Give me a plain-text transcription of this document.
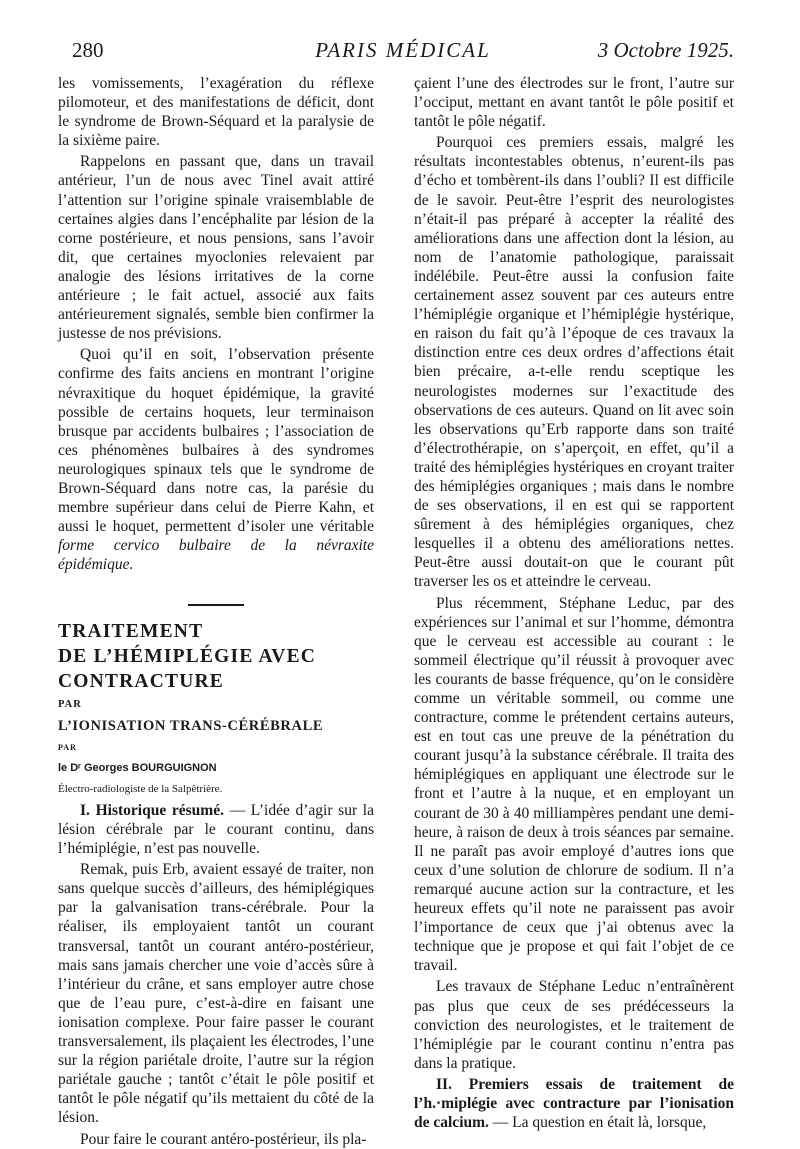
280	PARIS MÉDICAL	3 Octobre 1925.

les vomissements, l’exagération du réflexe pilomoteur, et des manifestations de déficit, dont le syndrome de Brown-Séquard et la paralysie de la sixième paire.

Rappelons en passant que, dans un travail antérieur, l’un de nous avec Tinel avait attiré l’attention sur l’origine spinale vraisemblable de certaines algies dans l’encéphalite par lésion de la corne postérieure, et nous pensions, sans l’avoir dit, que certaines myoclonies relevaient par analogie des lésions irritatives de la corne antérieure ; le fait actuel, associé aux faits antérieurement signalés, semble bien confirmer la justesse de nos prévisions.

Quoi qu’il en soit, l’observation présente confirme des faits anciens en montrant l’origine névraxitique du hoquet épidémique, la gravité possible de certains hoquets, leur terminaison brusque par accidents bulbaires ; l’association de ces phénomènes bulbaires à des syndromes neurologiques spinaux tels que le syndrome de Brown-Séquard dans notre cas, la parésie du membre supérieur dans celui de Pierre Kahn, et aussi le hoquet, permettent d’isoler une véritable forme cervico bulbaire de la névraxite épidémique.

TRAITEMENT

DE L’HÉMIPLÉGIE AVEC

CONTRACTURE

PAR

L’IONISATION TRANS-CÉRÉBRALE

PAR

le Dʳ Georges BOURGUIGNON

Électro-radiologiste de la Salpêtrière.

I. Historique résumé. — L’idée d’agir sur la lésion cérébrale par le courant continu, dans l’hémiplégie, n’est pas nouvelle.

Remak, puis Erb, avaient essayé de traiter, non sans quelque succès d’ailleurs, des hémiplégiques par la galvanisation trans-cérébrale. Pour la réaliser, ils employaient tantôt un courant transversal, tantôt un courant antéro-postérieur, mais sans jamais chercher une voie d’accès sûre à l’intérieur du crâne, et sans employer autre chose que de l’eau pure, c’est-à-dire en faisant une ionisation complexe. Pour faire passer le courant transversalement, ils plaçaient les électrodes, l’une sur la région pariétale droite, l’autre sur la région pariétale gauche ; tantôt c’était le pôle positif et tantôt le pôle négatif qu’ils mettaient du côté de la lésion.

Pour faire le courant antéro-postérieur, ils pla-

çaient l’une des électrodes sur le front, l’autre sur l’occiput, mettant en avant tantôt le pôle positif et tantôt le pôle négatif.

Pourquoi ces premiers essais, malgré les résultats incontestables obtenus, n’eurent-ils pas d’écho et tombèrent-ils dans l’oubli? Il est difficile de le savoir. Peut-être l’esprit des neurologistes n’était-il pas préparé à accepter la réalité des améliorations dans une affection dont la lésion, au nom de l’anatomie pathologique, paraissait indélébile. Peut-être aussi la confusion faite certainement assez souvent par ces auteurs entre l’hémiplégie organique et l’hémiplégie hystérique, en raison du fait qu’à l’époque de ces travaux la distinction entre ces deux ordres d’affections était bien précaire, a-t-elle rendu sceptique les neurologistes modernes sur l’exactitude des observations de ces auteurs. Quand on lit avec soin les observations qu’Erb rapporte dans son traité d’électrothérapie, on s’aperçoit, en effet, qu’il a traité des hémiplégies hystériques en croyant traiter des hémiplégies organiques ; mais dans le nombre de ses observations, il en est qui se rapportent sûrement à des hémiplégies organiques, chez lesquelles il a obtenu des améliorations nettes. Peut-être aussi doutait-on que le courant pût traverser les os et atteindre le cerveau.

Plus récemment, Stéphane Leduc, par des expériences sur l’animal et sur l’homme, démontra que le cerveau est accessible au courant : le sommeil électrique qu’il réussit à provoquer avec les courants de basse fréquence, qu’on le considère comme un véritable sommeil, ou comme une contracture, comme le prétendent certains auteurs, est en tout cas une preuve de la pénétration du courant jusqu’à la substance cérébrale. Il traita des hémiplégiques en appliquant une électrode sur le front et l’autre à la nuque, et en employant un courant de 30 à 40 milliampères pendant une demi-heure, à raison de deux à trois séances par semaine. Il ne paraît pas avoir employé d’autres ions que ceux d’une solution de chlorure de sodium. Il n’a remarqué aucune action sur la contracture, et les heureux effets qu’il note ne paraissent pas avoir l’importance de ceux que j’ai obtenus avec la technique que je propose et qui fait l’objet de ce travail.

Les travaux de Stéphane Leduc n’entraînèrent pas plus que ceux de ses prédécesseurs la conviction des neurologistes, et le traitement de l’hémiplégie par le courant continu n’entra pas dans la pratique.

II. Premiers essais de traitement de l’h.·miplégie avec contracture par l’ionisation de calcium. — La question en était là, lorsque,
